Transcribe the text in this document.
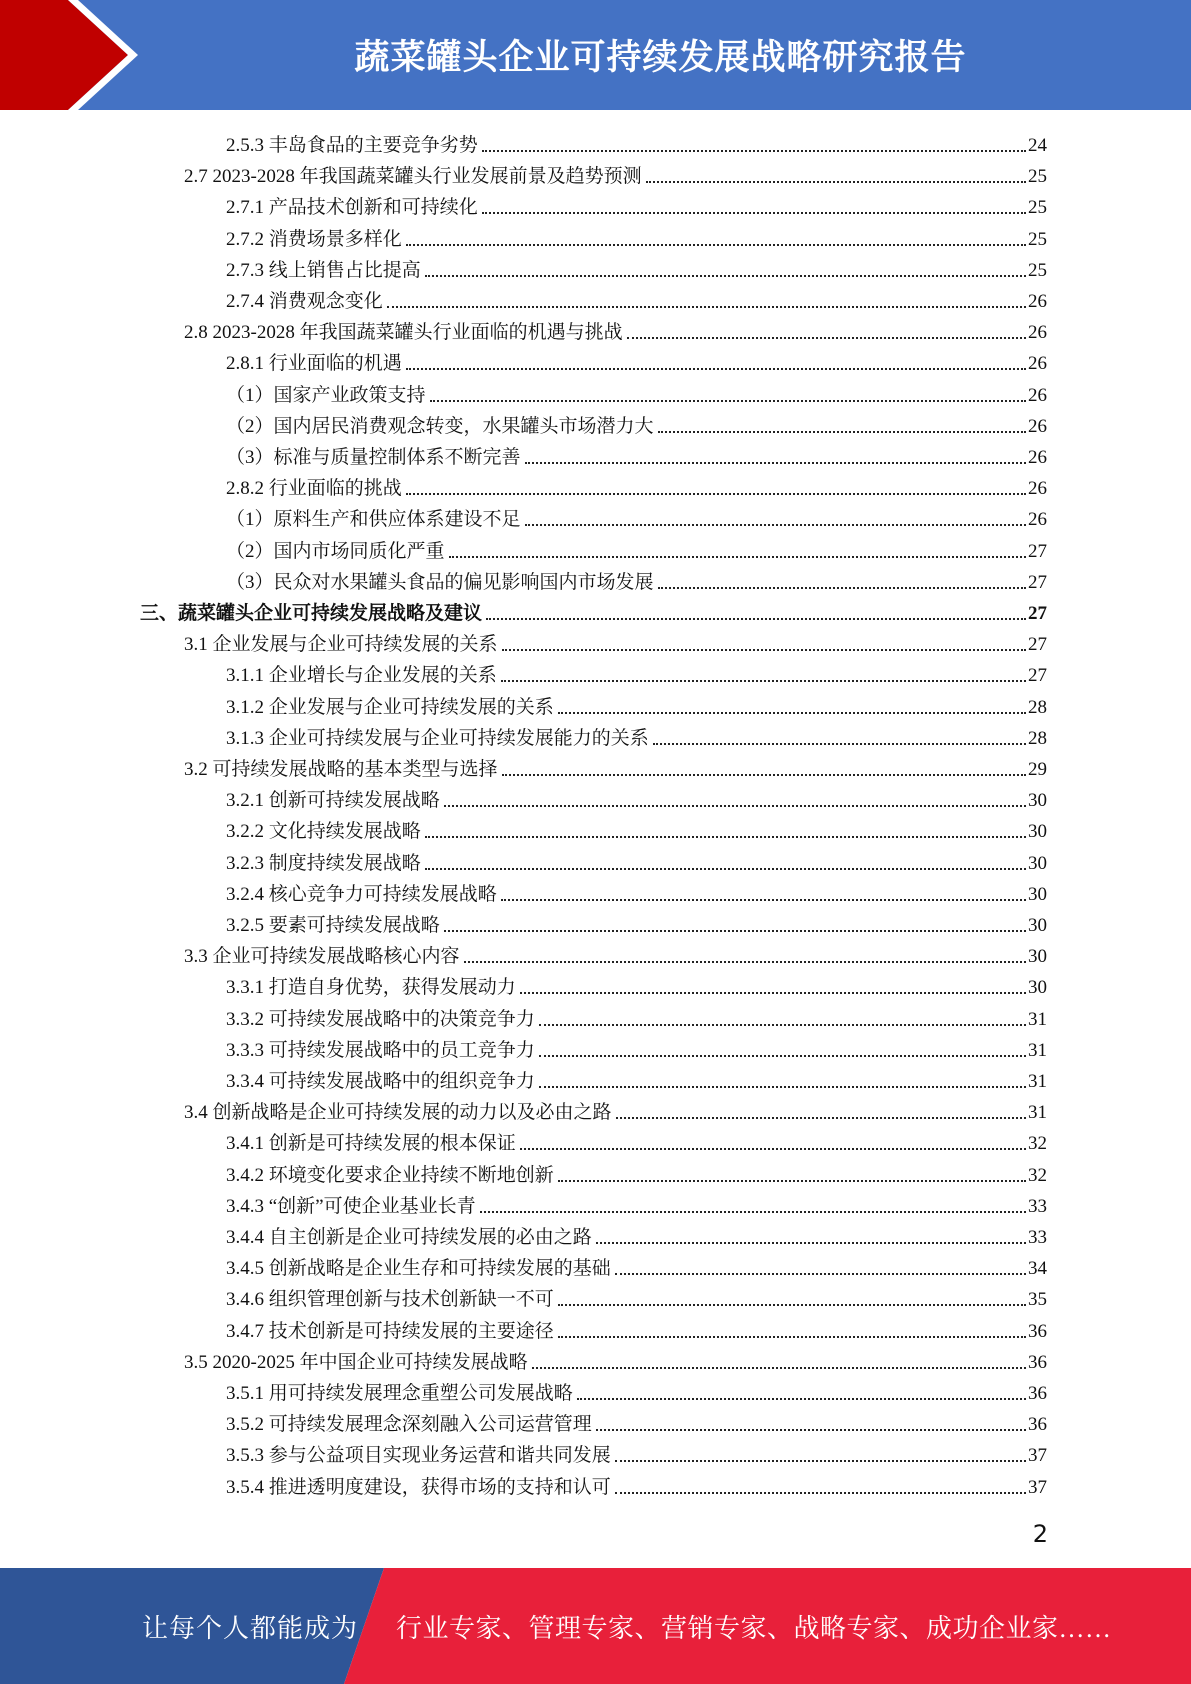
蔬菜罐头企业可持续发展战略研究报告
2.5.3 丰岛食品的主要竞争劣势	24
2.7 2023-2028 年我国蔬菜罐头行业发展前景及趋势预测	25
2.7.1 产品技术创新和可持续化	25
2.7.2 消费场景多样化	25
2.7.3 线上销售占比提高	25
2.7.4 消费观念变化	26
2.8 2023-2028 年我国蔬菜罐头行业面临的机遇与挑战	26
2.8.1 行业面临的机遇	26
（1）国家产业政策支持	26
（2）国内居民消费观念转变，水果罐头市场潜力大	26
（3）标准与质量控制体系不断完善	26
2.8.2 行业面临的挑战	26
（1）原料生产和供应体系建设不足	26
（2）国内市场同质化严重	27
（3）民众对水果罐头食品的偏见影响国内市场发展	27
三、蔬菜罐头企业可持续发展战略及建议	27
3.1 企业发展与企业可持续发展的关系	27
3.1.1 企业增长与企业发展的关系	27
3.1.2 企业发展与企业可持续发展的关系	28
3.1.3 企业可持续发展与企业可持续发展能力的关系	28
3.2 可持续发展战略的基本类型与选择	29
3.2.1 创新可持续发展战略	30
3.2.2 文化持续发展战略	30
3.2.3 制度持续发展战略	30
3.2.4 核心竞争力可持续发展战略	30
3.2.5 要素可持续发展战略	30
3.3 企业可持续发展战略核心内容	30
3.3.1 打造自身优势，获得发展动力	30
3.3.2 可持续发展战略中的决策竞争力	31
3.3.3 可持续发展战略中的员工竞争力	31
3.3.4 可持续发展战略中的组织竞争力	31
3.4 创新战略是企业可持续发展的动力以及必由之路	31
3.4.1 创新是可持续发展的根本保证	32
3.4.2 环境变化要求企业持续不断地创新	32
3.4.3 “创新”可使企业基业长青	33
3.4.4 自主创新是企业可持续发展的必由之路	33
3.4.5 创新战略是企业生存和可持续发展的基础	34
3.4.6 组织管理创新与技术创新缺一不可	35
3.4.7 技术创新是可持续发展的主要途径	36
3.5 2020-2025 年中国企业可持续发展战略	36
3.5.1 用可持续发展理念重塑公司发展战略	36
3.5.2 可持续发展理念深刻融入公司运营管理	36
3.5.3 参与公益项目实现业务运营和谐共同发展	37
3.5.4 推进透明度建设，获得市场的支持和认可	37
2
让每个人都能成为 行业专家、管理专家、营销专家、战略专家、成功企业家……
